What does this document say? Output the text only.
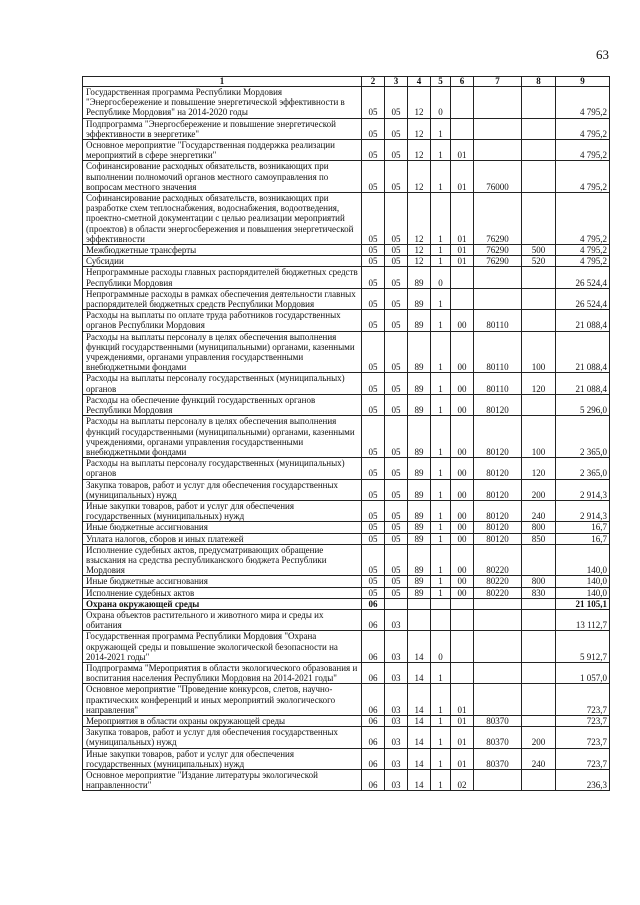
63
1	2	3	4	5	6	7	8	9
Государственная программа Республики Мордовия "Энергосбережение и повышение энергетической эффективности в Республике Мордовия" на 2014-2020 годы	05	05	12	0				4 795,2
Подпрограмма "Энергосбережение и повышение энергетической эффективности в энергетике"	05	05	12	1				4 795,2
Основное мероприятие "Государственная поддержка реализации мероприятий в сфере энергетики"	05	05	12	1	01			4 795,2
Софинансирование расходных обязательств, возникающих при выполнении полномочий органов местного самоуправления по вопросам местного значения	05	05	12	1	01	76000		4 795,2
Софинансирование расходных обязательств, возникающих при разработке схем теплоснабжения, водоснабжения, водоотведения, проектно-сметной документации с целью реализации мероприятий (проектов) в области энергосбережения и повышения энергетической эффективности	05	05	12	1	01	76290		4 795,2
Межбюджетные трансферты	05	05	12	1	01	76290	500	4 795,2
Субсидии	05	05	12	1	01	76290	520	4 795,2
Непрограммные расходы главных распорядителей бюджетных средств Республики Мордовия	05	05	89	0				26 524,4
Непрограммные расходы в рамках обеспечения деятельности главных распорядителей бюджетных средств Республики Мордовия	05	05	89	1				26 524,4
Расходы на выплаты по оплате труда работников государственных органов Республики Мордовия	05	05	89	1	00	80110		21 088,4
Расходы на выплаты персоналу в целях обеспечения выполнения функций государственными (муниципальными) органами, казенными учреждениями, органами управления государственными внебюджетными фондами	05	05	89	1	00	80110	100	21 088,4
Расходы на выплаты персоналу государственных (муниципальных) органов	05	05	89	1	00	80110	120	21 088,4
Расходы на обеспечение функций государственных органов Республики Мордовия	05	05	89	1	00	80120		5 296,0
Расходы на выплаты персоналу в целях обеспечения выполнения функций государственными (муниципальными) органами, казенными учреждениями, органами управления государственными внебюджетными фондами	05	05	89	1	00	80120	100	2 365,0
Расходы на выплаты персоналу государственных (муниципальных) органов	05	05	89	1	00	80120	120	2 365,0
Закупка товаров, работ и услуг для обеспечения государственных (муниципальных) нужд	05	05	89	1	00	80120	200	2 914,3
Иные закупки товаров, работ и услуг для обеспечения государственных (муниципальных) нужд	05	05	89	1	00	80120	240	2 914,3
Иные бюджетные ассигнования	05	05	89	1	00	80120	800	16,7
Уплата налогов, сборов и иных платежей	05	05	89	1	00	80120	850	16,7
Исполнение судебных актов, предусматривающих обращение взыскания на средства республиканского бюджета Республики Мордовия	05	05	89	1	00	80220		140,0
Иные бюджетные ассигнования	05	05	89	1	00	80220	800	140,0
Исполнение судебных актов	05	05	89	1	00	80220	830	140,0
Охрана окружающей среды	06							21 105,1
Охрана объектов растительного и животного мира и среды их обитания	06	03						13 112,7
Государственная программа Республики Мордовия "Охрана окружающей среды и повышение экологической безопасности на 2014-2021 годы"	06	03	14	0				5 912,7
Подпрограмма "Мероприятия в области экологического образования и воспитания населения Республики Мордовия на 2014-2021 годы"	06	03	14	1				1 057,0
Основное мероприятие "Проведение конкурсов, слетов, научно-практических конференций и иных мероприятий экологического направления"	06	03	14	1	01			723,7
Мероприятия в области охраны окружающей среды	06	03	14	1	01	80370		723,7
Закупка товаров, работ и услуг для обеспечения государственных (муниципальных) нужд	06	03	14	1	01	80370	200	723,7
Иные закупки товаров, работ и услуг для обеспечения государственных (муниципальных) нужд	06	03	14	1	01	80370	240	723,7
Основное мероприятие "Издание литературы экологической направленности"	06	03	14	1	02			236,3
